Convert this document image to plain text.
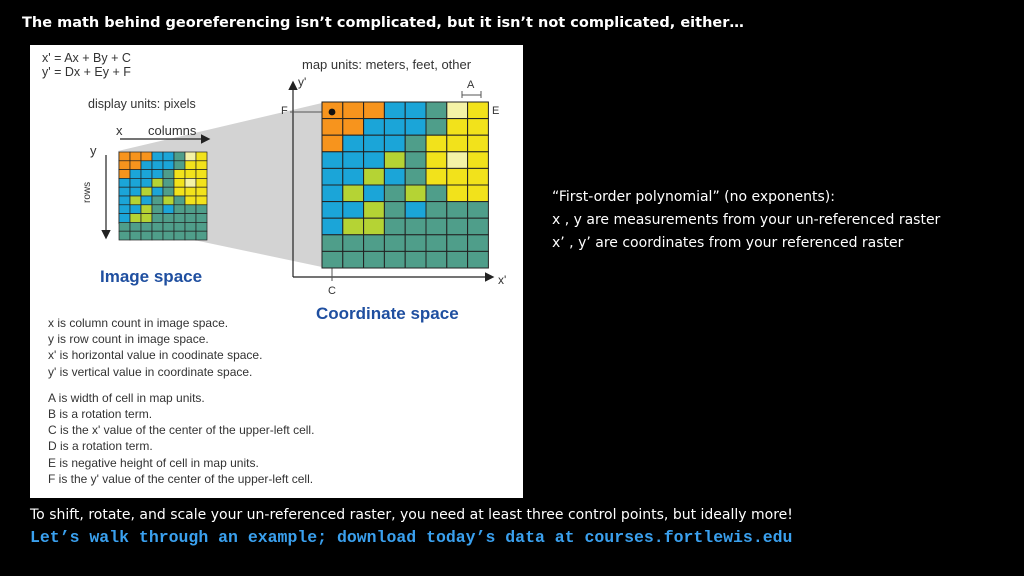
The math behind georeferencing isn’t complicated, but it isn’t not complicated, either…
x' = Ax + By + C
y' = Dx + Ey + F
display units: pixels
map units: meters, feet, other
x columns
y
rows
y'
x'
A
E
F
C
Image space
Coordinate space
x is column count in image space.
y is row count in image space.
x' is horizontal value in coodinate space.
y' is vertical value in coordinate space.
A is width of cell in map units.
B is a rotation term.
C is the x' value of the center of the upper-left cell.
D is a rotation term.
E is negative height of cell in map units.
F is the y' value of the center of the upper-left cell.
“First-order polynomial” (no exponents):
x , y are measurements from your un-referenced raster
x’ , y’ are coordinates from your referenced raster
To shift, rotate, and scale your un-referenced raster, you need at least three control points, but ideally more!
Let’s walk through an example; download today’s data at courses.fortlewis.edu
